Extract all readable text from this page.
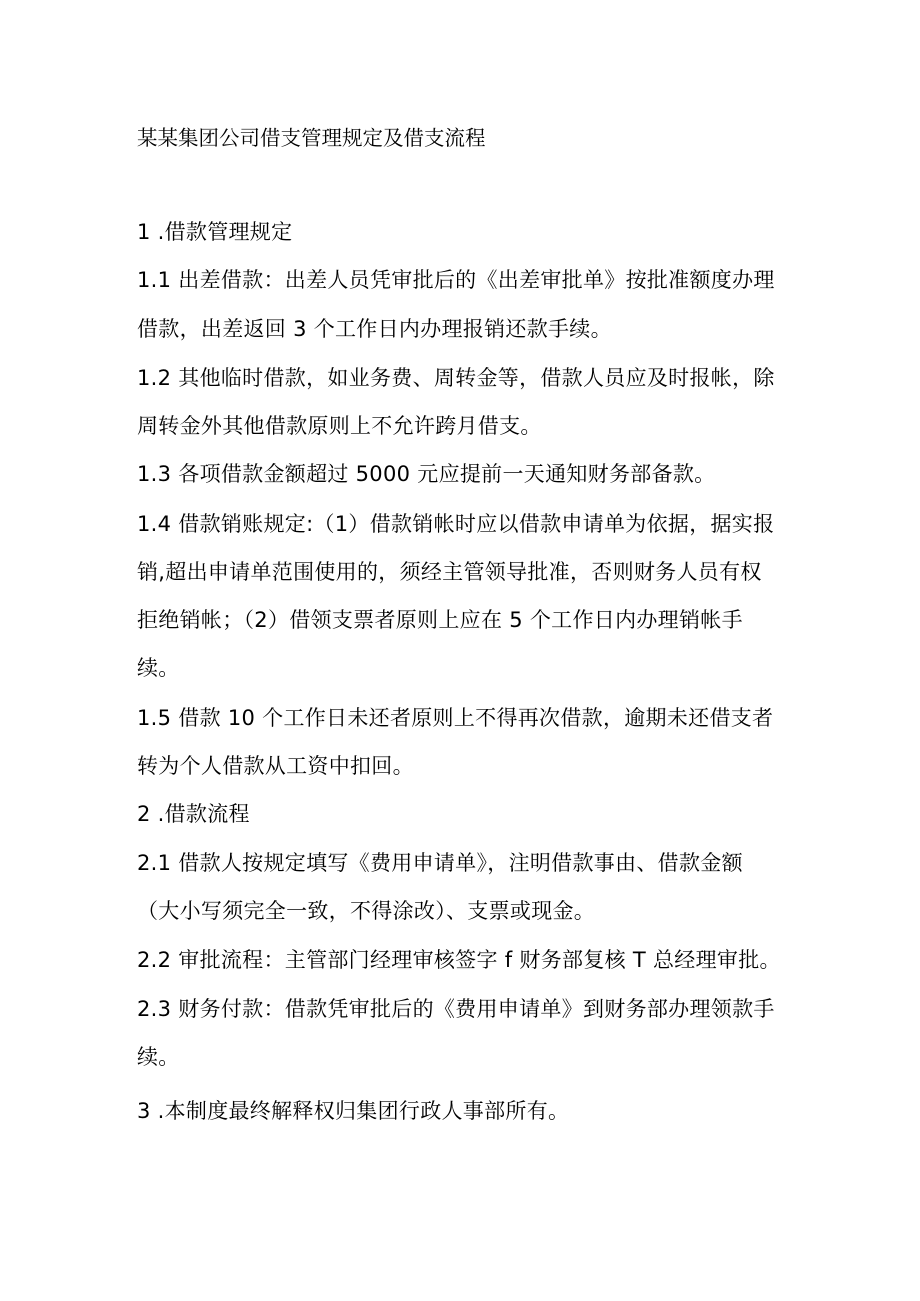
某某集团公司借支管理规定及借支流程
1 .借款管理规定
1.1 出差借款：出差人员凭审批后的《出差审批单》按批准额度办理
借款，出差返回 3 个工作日内办理报销还款手续。
1.2 其他临时借款，如业务费、周转金等，借款人员应及时报帐，除
周转金外其他借款原则上不允许跨月借支。
1.3 各项借款金额超过 5000 元应提前一天通知财务部备款。
1.4 借款销账规定:（1）借款销帐时应以借款申请单为依据，据实报
销,超出申请单范围使用的，须经主管领导批准，否则财务人员有权
拒绝销帐；（2）借领支票者原则上应在 5 个工作日内办理销帐手
续。
1.5 借款 10 个工作日未还者原则上不得再次借款，逾期未还借支者
转为个人借款从工资中扣回。
2 .借款流程
2.1 借款人按规定填写《费用申请单》，注明借款事由、借款金额
（大小写须完全一致，不得涂改）、支票或现金。
2.2 审批流程：主管部门经理审核签字 f 财务部复核 T 总经理审批。
2.3 财务付款：借款凭审批后的《费用申请单》到财务部办理领款手
续。
3 .本制度最终解释权归集团行政人事部所有。
